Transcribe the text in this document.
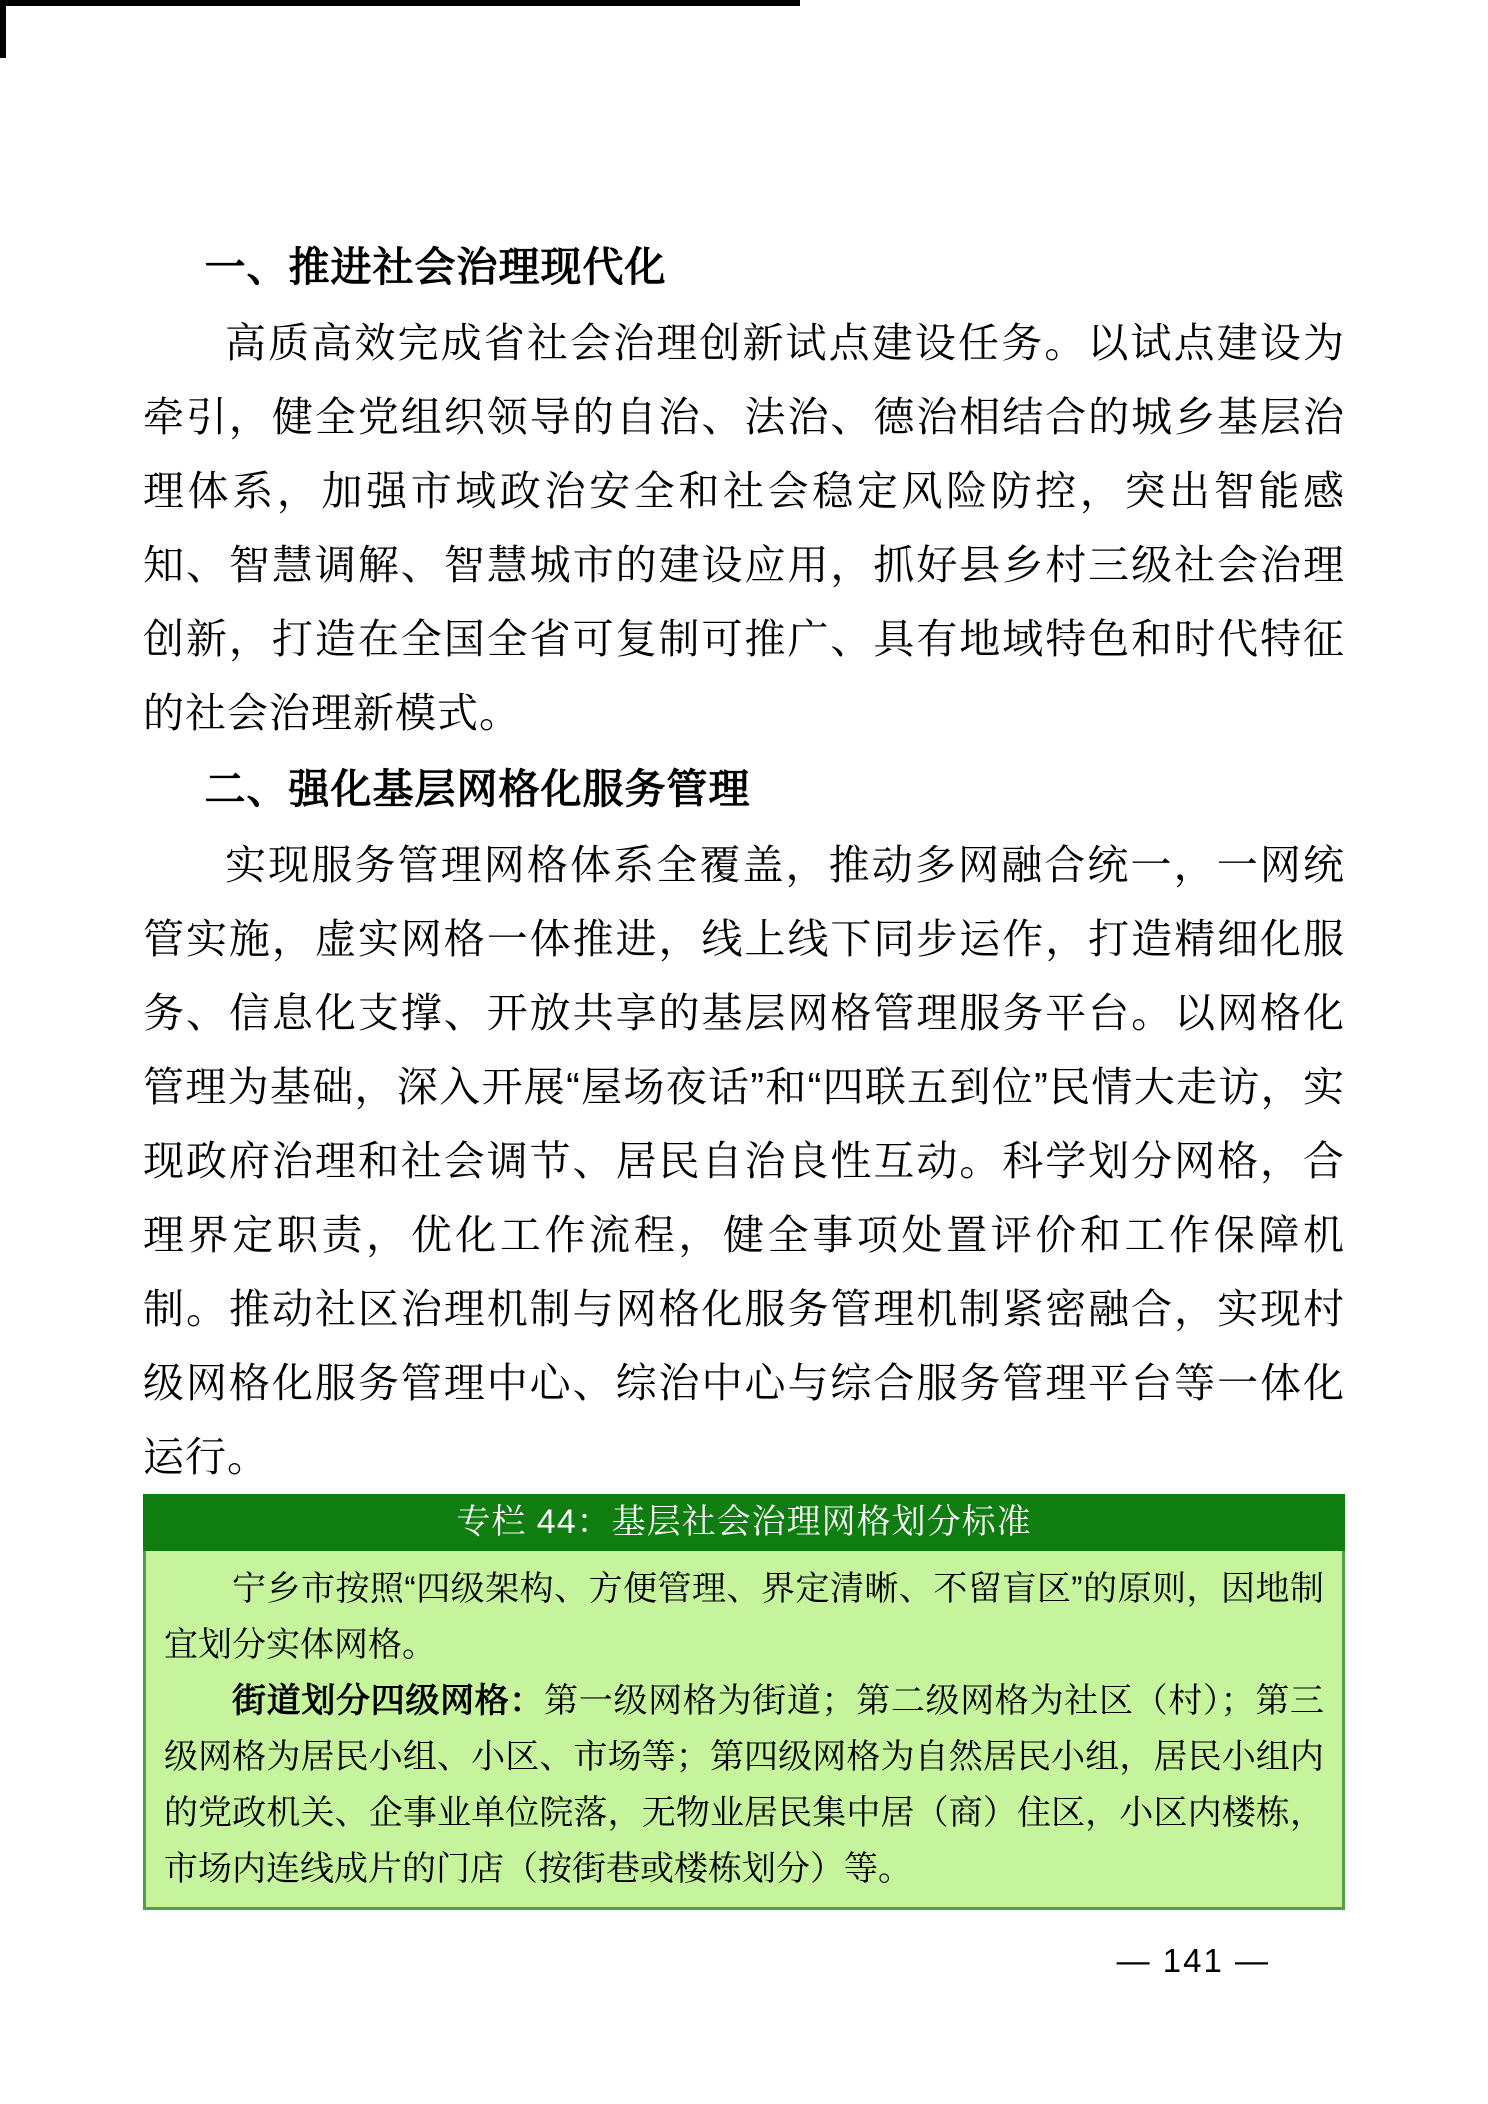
一、推进社会治理现代化

高质高效完成省社会治理创新试点建设任务。以试点建设为牵引，健全党组织领导的自治、法治、德治相结合的城乡基层治理体系，加强市域政治安全和社会稳定风险防控，突出智能感知、智慧调解、智慧城市的建设应用，抓好县乡村三级社会治理创新，打造在全国全省可复制可推广、具有地域特色和时代特征的社会治理新模式。

二、强化基层网格化服务管理

实现服务管理网格体系全覆盖，推动多网融合统一，一网统管实施，虚实网格一体推进，线上线下同步运作，打造精细化服务、信息化支撑、开放共享的基层网格管理服务平台。以网格化管理为基础，深入开展“屋场夜话”和“四联五到位”民情大走访，实现政府治理和社会调节、居民自治良性互动。科学划分网格，合理界定职责，优化工作流程，健全事项处置评价和工作保障机制。推动社区治理机制与网格化服务管理机制紧密融合，实现村级网格化服务管理中心、综治中心与综合服务管理平台等一体化运行。

专栏 44：基层社会治理网格划分标准

宁乡市按照“四级架构、方便管理、界定清晰、不留盲区”的原则，因地制宜划分实体网格。

街道划分四级网格：第一级网格为街道；第二级网格为社区（村）；第三级网格为居民小组、小区、市场等；第四级网格为自然居民小组，居民小组内的党政机关、企事业单位院落，无物业居民集中居（商）住区，小区内楼栋，市场内连线成片的门店（按街巷或楼栋划分）等。

— 141 —
